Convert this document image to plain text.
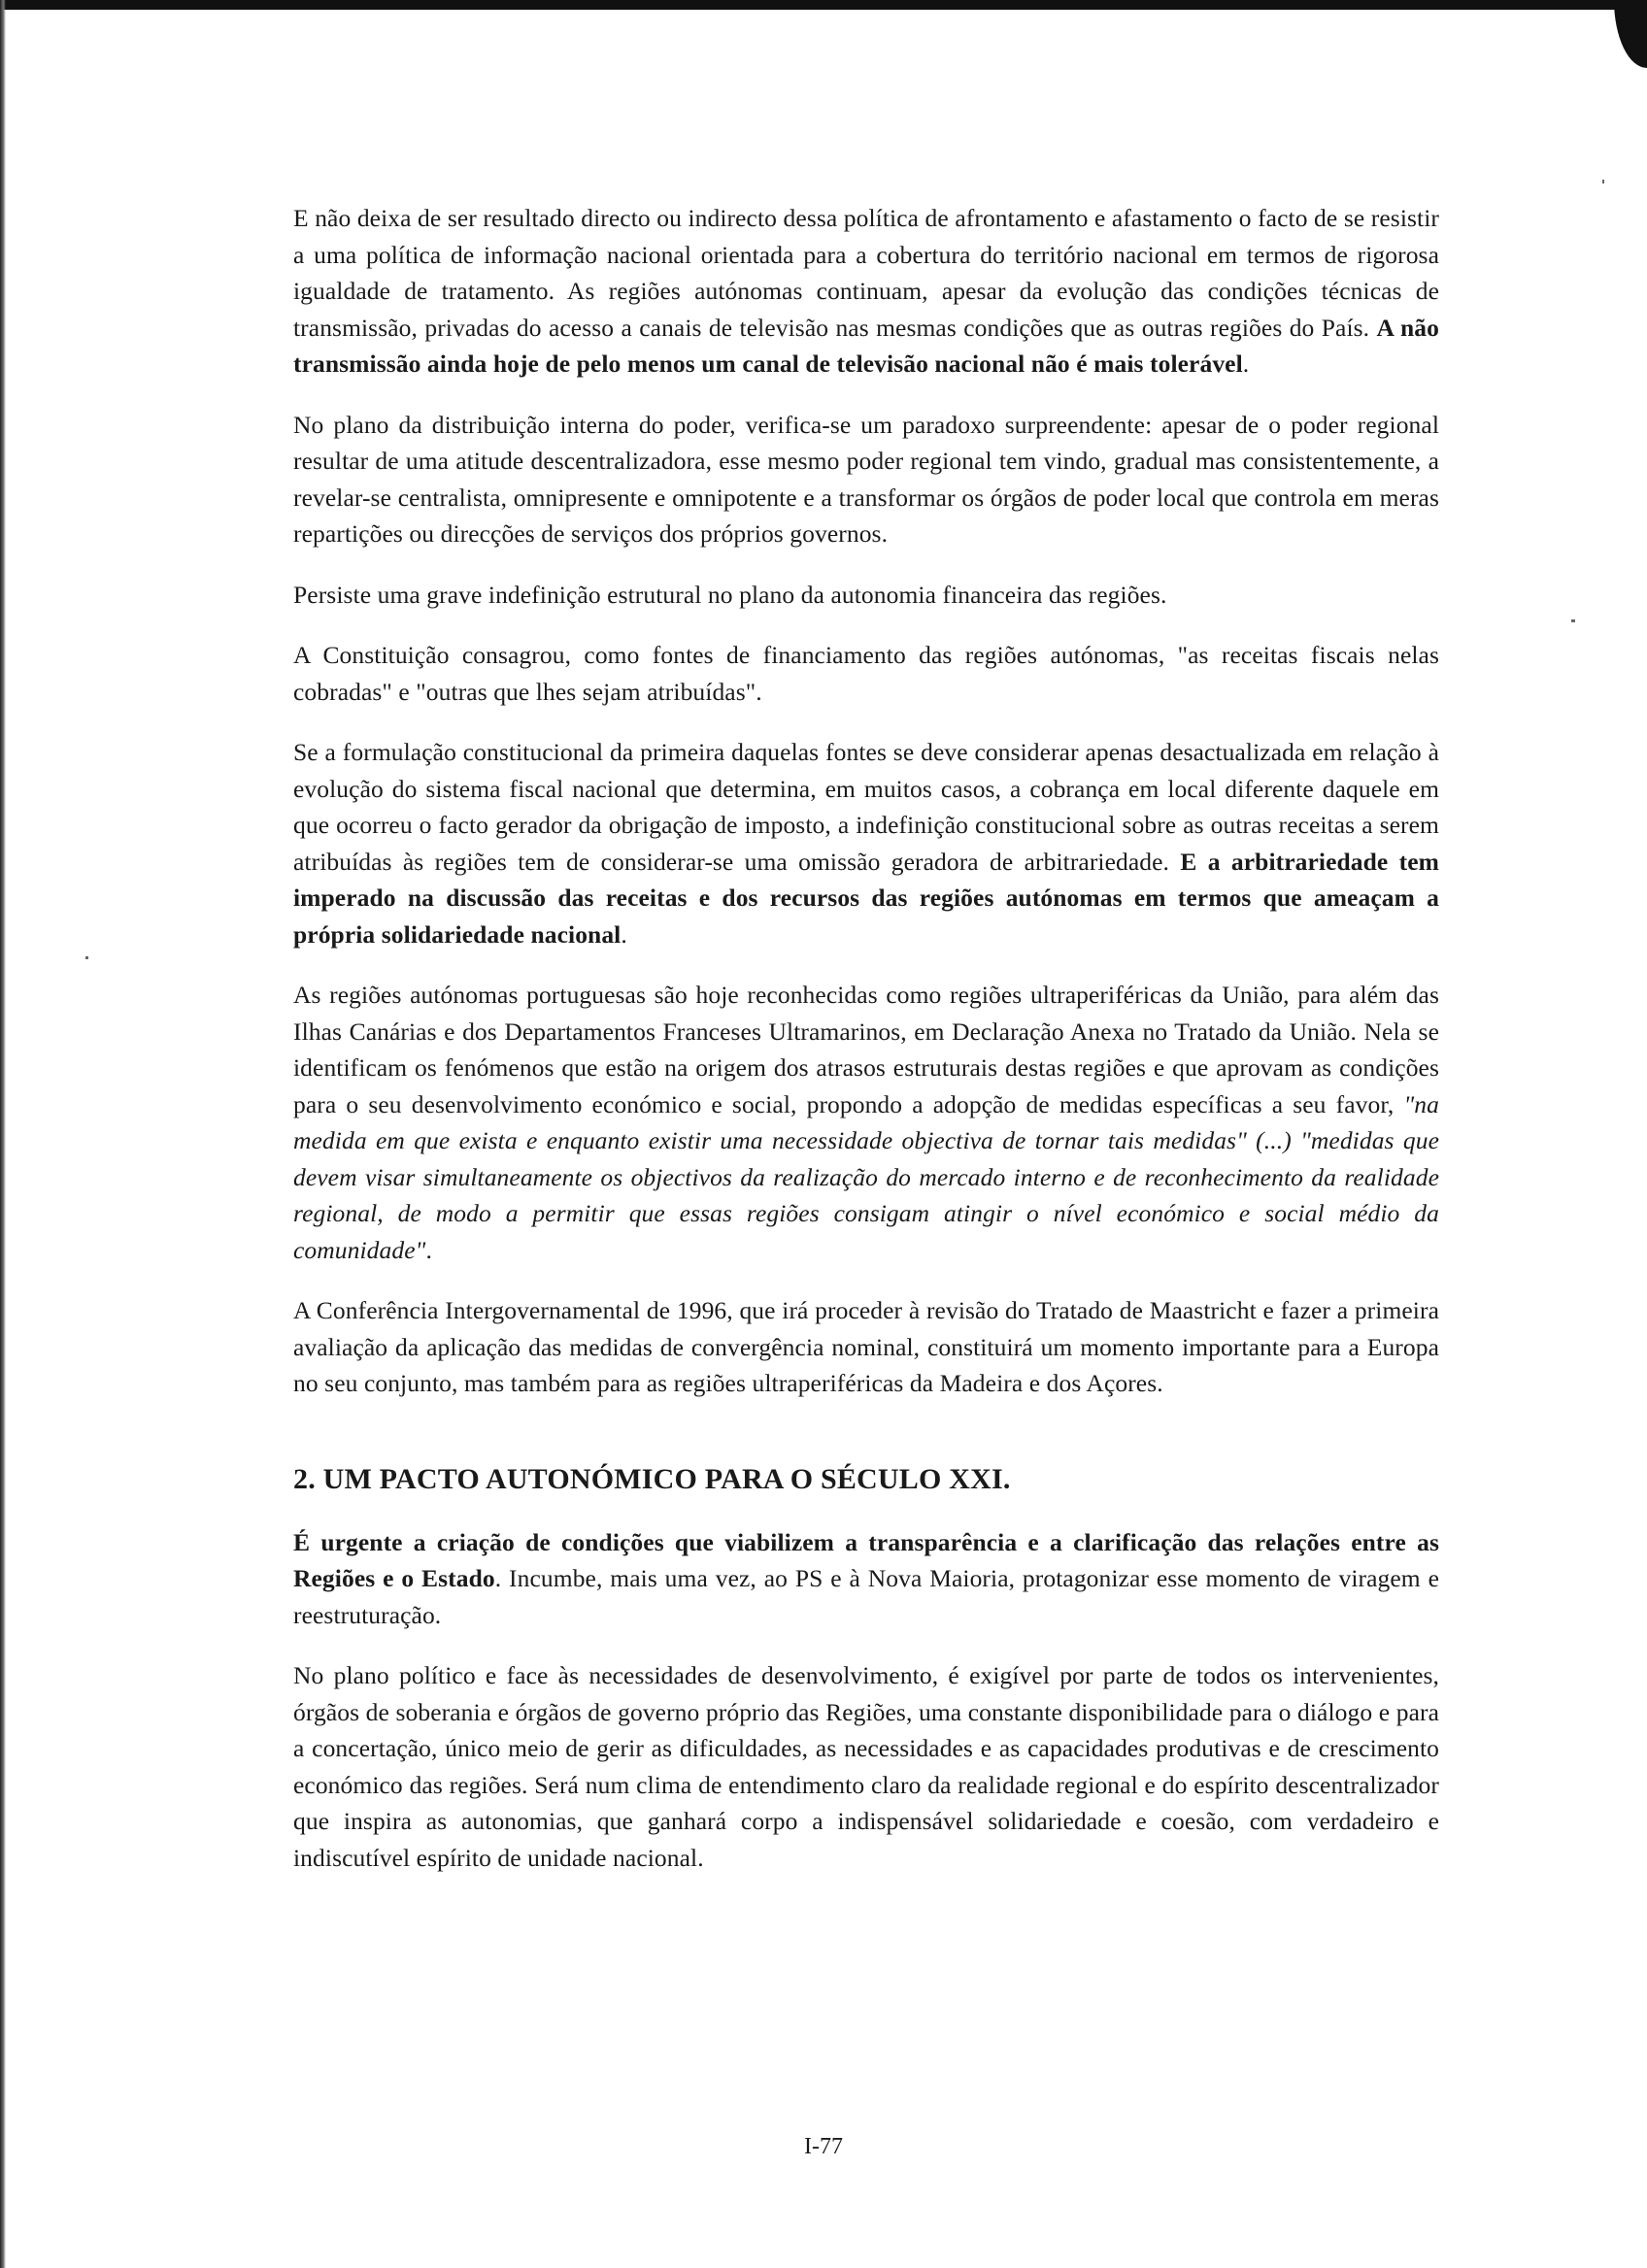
E não deixa de ser resultado directo ou indirecto dessa política de afrontamento e afastamento o facto de se resistir a uma política de informação nacional orientada para a cobertura do território nacional em termos de rigorosa igualdade de tratamento. As regiões autónomas continuam, apesar da evolução das condições técnicas de transmissão, privadas do acesso a canais de televisão nas mesmas condições que as outras regiões do País. A não transmissão ainda hoje de pelo menos um canal de televisão nacional não é mais tolerável.

No plano da distribuição interna do poder, verifica-se um paradoxo surpreendente: apesar de o poder regional resultar de uma atitude descentralizadora, esse mesmo poder regional tem vindo, gradual mas consistentemente, a revelar-se centralista, omnipresente e omnipotente e a transformar os órgãos de poder local que controla em meras repartições ou direcções de serviços dos próprios governos.

Persiste uma grave indefinição estrutural no plano da autonomia financeira das regiões.

A Constituição consagrou, como fontes de financiamento das regiões autónomas, "as receitas fiscais nelas cobradas" e "outras que lhes sejam atribuídas".

Se a formulação constitucional da primeira daquelas fontes se deve considerar apenas desactualizada em relação à evolução do sistema fiscal nacional que determina, em muitos casos, a cobrança em local diferente daquele em que ocorreu o facto gerador da obrigação de imposto, a indefinição constitucional sobre as outras receitas a serem atribuídas às regiões tem de considerar-se uma omissão geradora de arbitrariedade. E a arbitrariedade tem imperado na discussão das receitas e dos recursos das regiões autónomas em termos que ameaçam a própria solidariedade nacional.

As regiões autónomas portuguesas são hoje reconhecidas como regiões ultraperiféricas da União, para além das Ilhas Canárias e dos Departamentos Franceses Ultramarinos, em Declaração Anexa no Tratado da União. Nela se identificam os fenómenos que estão na origem dos atrasos estruturais destas regiões e que aprovam as condições para o seu desenvolvimento económico e social, propondo a adopção de medidas específicas a seu favor, "na medida em que exista e enquanto existir uma necessidade objectiva de tornar tais medidas" (...) "medidas que devem visar simultaneamente os objectivos da realização do mercado interno e de reconhecimento da realidade regional, de modo a permitir que essas regiões consigam atingir o nível económico e social médio da comunidade".

A Conferência Intergovernamental de 1996, que irá proceder à revisão do Tratado de Maastricht e fazer a primeira avaliação da aplicação das medidas de convergência nominal, constituirá um momento importante para a Europa no seu conjunto, mas também para as regiões ultraperiféricas da Madeira e dos Açores.

2. UM PACTO AUTONÓMICO PARA O SÉCULO XXI.

É urgente a criação de condições que viabilizem a transparência e a clarificação das relações entre as Regiões e o Estado. Incumbe, mais uma vez, ao PS e à Nova Maioria, protagonizar esse momento de viragem e reestruturação.

No plano político e face às necessidades de desenvolvimento, é exigível por parte de todos os intervenientes, órgãos de soberania e órgãos de governo próprio das Regiões, uma constante disponibilidade para o diálogo e para a concertação, único meio de gerir as dificuldades, as necessidades e as capacidades produtivas e de crescimento económico das regiões. Será num clima de entendimento claro da realidade regional e do espírito descentralizador que inspira as autonomias, que ganhará corpo a indispensável solidariedade e coesão, com verdadeiro e indiscutível espírito de unidade nacional.

I-77
